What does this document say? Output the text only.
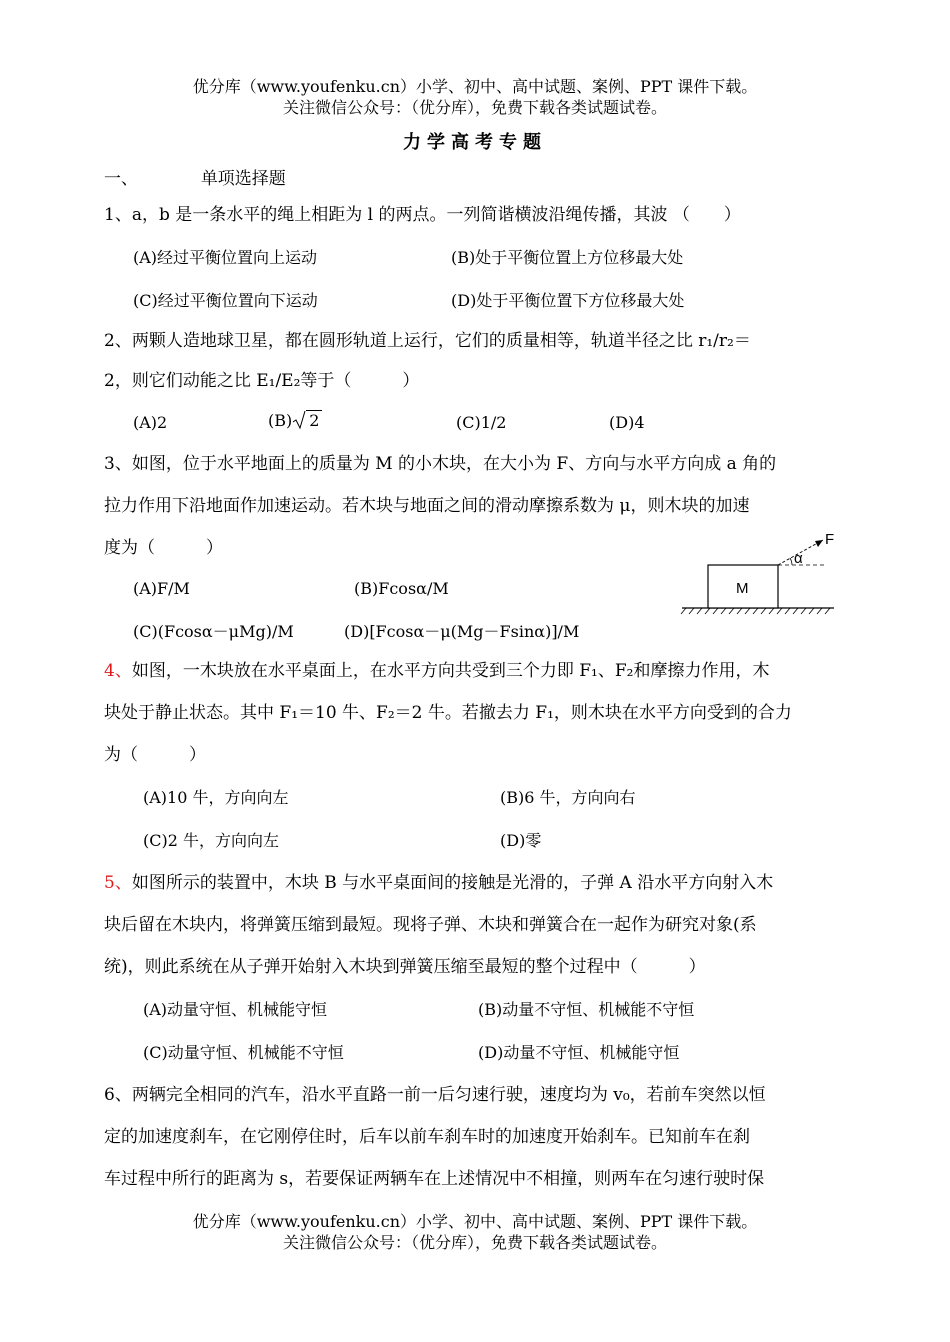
优分库（www.youfenku.cn）小学、初中、高中试题、案例、PPT 课件下载。
关注微信公众号：（优分库），免费下载各类试题试卷。
力学高考专题
一、	单项选择题
1、a，b 是一条水平的绳上相距为 l 的两点。一列简谐横波沿绳传播，其波 （　　）
(A)经过平衡位置向上运动	(B)处于平衡位置上方位移最大处
(C)经过平衡位置向下运动	(D)处于平衡位置下方位移最大处
2、两颗人造地球卫星，都在圆形轨道上运行，它们的质量相等，轨道半径之比 r₁/r₂＝
2，则它们动能之比 E₁/E₂等于（　　　）
(A)2	(B) 2	(C)1/2	(D)4
3、如图，位于水平地面上的质量为 M 的小木块，在大小为 F、方向与水平方向成 a 角的
拉力作用下沿地面作加速运动。若木块与地面之间的滑动摩擦系数为 μ，则木块的加速
度为（　　　）
(A)F/M	(B)Fcosα/M
(C)(Fcosα－μMg)/M	(D)[Fcosα－μ(Mg－Fsinα)]/M
M
F
α
4、如图，一木块放在水平桌面上，在水平方向共受到三个力即 F₁、F₂和摩擦力作用，木
块处于静止状态。其中 F₁＝10 牛、F₂＝2 牛。若撤去力 F₁，则木块在水平方向受到的合力
为（　　　）
(A)10 牛，方向向左	(B)6 牛，方向向右
(C)2 牛，方向向左	(D)零
5、如图所示的装置中，木块 B 与水平桌面间的接触是光滑的，子弹 A 沿水平方向射入木
块后留在木块内，将弹簧压缩到最短。现将子弹、木块和弹簧合在一起作为研究对象(系
统)，则此系统在从子弹开始射入木块到弹簧压缩至最短的整个过程中（　　　）
(A)动量守恒、机械能守恒	(B)动量不守恒、机械能不守恒
(C)动量守恒、机械能不守恒	(D)动量不守恒、机械能守恒
6、两辆完全相同的汽车，沿水平直路一前一后匀速行驶，速度均为 v₀，若前车突然以恒
定的加速度刹车，在它刚停住时，后车以前车刹车时的加速度开始刹车。已知前车在刹
车过程中所行的距离为 s，若要保证两辆车在上述情况中不相撞，则两车在匀速行驶时保
优分库（www.youfenku.cn）小学、初中、高中试题、案例、PPT 课件下载。
关注微信公众号：（优分库），免费下载各类试题试卷。
